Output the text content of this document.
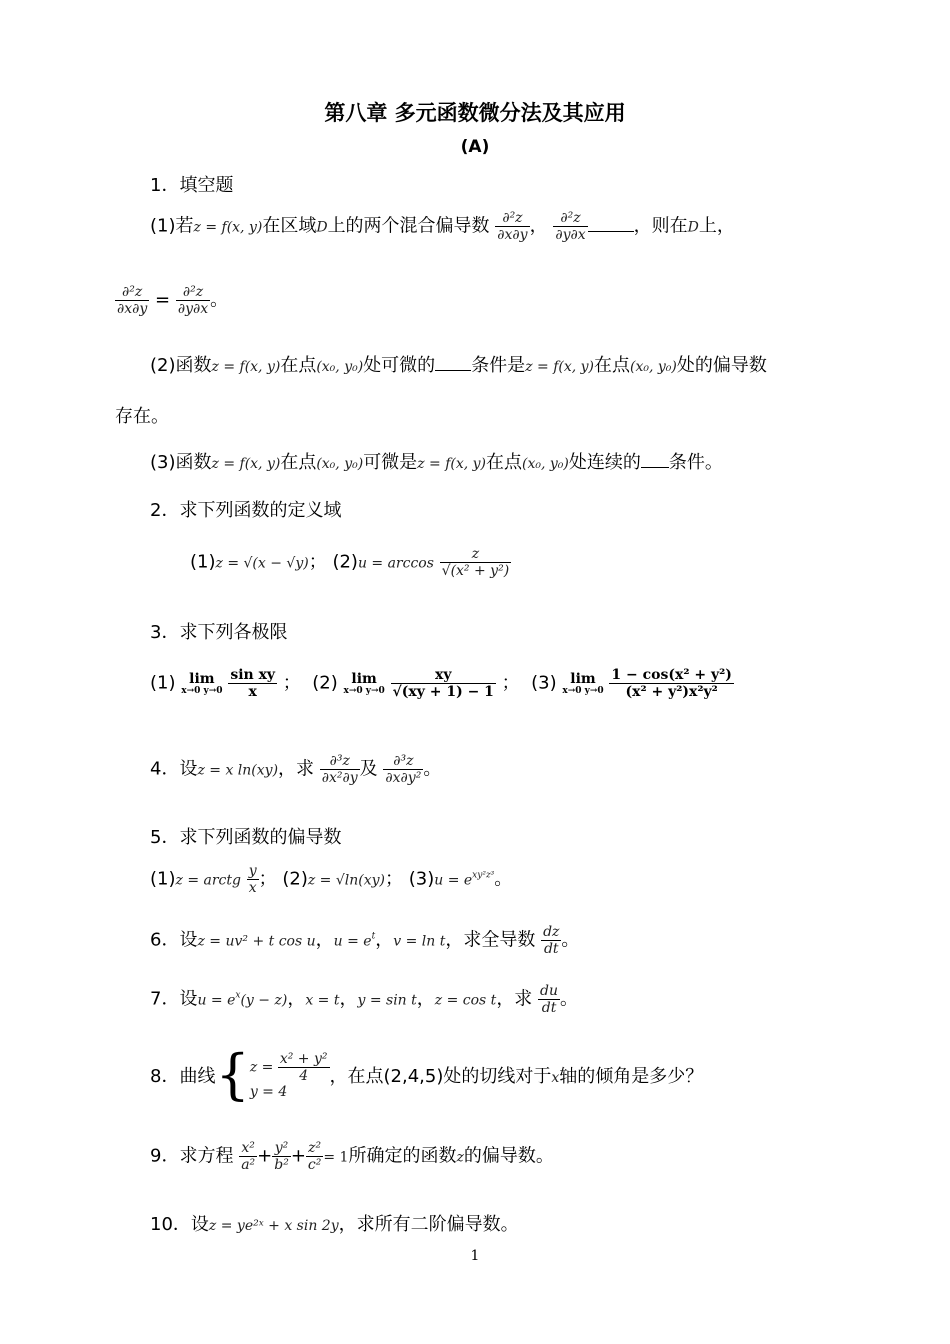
第八章 多元函数微分法及其应用
(A)
1．填空题
(1)若z = f(x, y)在区域D上的两个混合偏导数 $\frac{\text{∂²z}}{\partial x\partial y}$ ， $\frac{\text{∂²z}}{\partial y\partial x}$	，则在D上，
$\frac{\text{∂²z}}{\partial x\partial y} = \frac{\text{∂²z}}{\partial y\partial x}$ 。
(2)函数z = f(x, y)在点(x₀, y₀)处可微的 条件是z = f(x, y)在点(x₀, y₀)处的偏导数
存在。
(3)函数z = f(x, y)在点(x₀, y₀)可微是z = f(x, y)在点(x₀, y₀)处连续的 条件。
2．求下列函数的定义域
(1)z = √(x − √y)； $(2)u = \arccos \frac{z}{\text{√(x² + y²)}}$
3．求下列各极限
(1) lim
x→0 y→0
$\frac{\text{sin xy}}{x}$ ； (2) lim
x→0 y→0
$\frac{xy}{√(xy + 1) - 1}$ ； (3) lim
x→0 y→0
$\frac{\text{1 − cos(x² + y²)}}{\text{(x² + y²)x²y²}}$
4．设z = x ln(xy)，求 $\frac{\text{∂³z}}{\text{∂x²∂y}}$ 及 $\frac{\text{∂³z}}{\text{∂x∂y²}}$ 。
5．求下列函数的偏导数
(1)z = arctg $\frac{y}{x}$ ； (2)z = √ln(xy)； $(3)u = e^{xy^2z^3}$。
6．设z = uv² + t cos u，$u = e^t$，v = ln t，求全导数 $\frac{dz}{dt}$ 。
7．设$u = e^x(y - z)$，x = t，y = sin t，z = cos t，求 $\frac{du}{dt}$ 。
8．曲线{ $z = \frac{\text{x² + y²}}{4}$
y = 4
，在点(2,4,5)处的切线对于x轴的倾角是多少？
9．求方程 $\frac{\text{x²}}{\text{a²}} + \frac{\text{y²}}{\text{b²}} + \frac{\text{z²}}{\text{c²}} = 1$所确定的函数z的偏导数。
10．设z = ye²ˣ + x sin 2y，求所有二阶偏导数。
1
